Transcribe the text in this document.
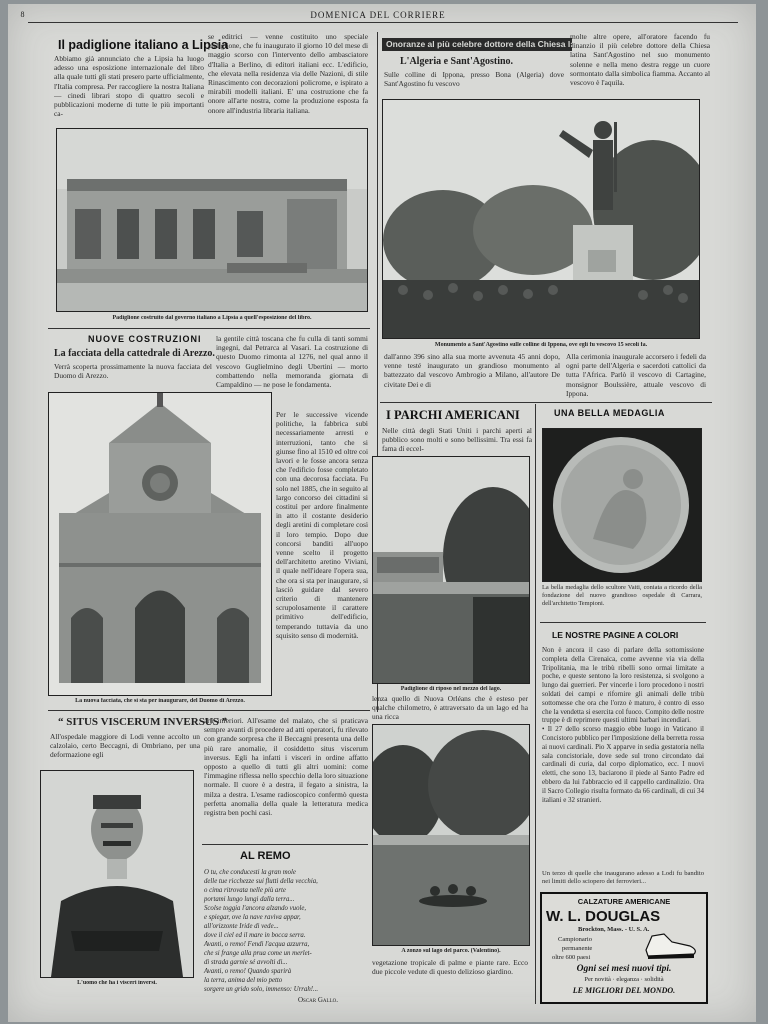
8	DOMENICA DEL CORRIERE
Il padiglione italiano a Lipsia
Abbiamo già annunciato che a Lipsia ha luogo adesso una esposizione internazionale del libro alla quale tutti gli stati presero parte ufficialmente, l'Italia compresa. Per raccogliere la nostra Italiana — cinedi librari stopo di quattro secoli e pubblicazioni moderne di tutte le più importanti ca-
se editrici — venne costituito uno speciale padiglione, che fu inaugurato il giorno 10 del mese di maggio scorso con l'intervento dello ambasciatore d'Italia a Berlino, di editori italiani ecc. L'edificio, che elevata nella residenza via delle Nazioni, di stile Rinascimento con decorazioni policrome, e ispirato a mirabili modelli italiani. E' una costruzione che fa onore all'arte nostra, come la produzione esposta fa onore all'industria libraria italiana.
Padiglione costruito dal governo italiano a Lipsia a quell'esposizione del libro.
Onoranze al più celebre dottore della Chiesa latina
L'Algeria e Sant'Agostino.
Sulle colline di Ippona, presso Bona (Algeria) dove Sant'Agostino fu vescovo
molte altre opere, all'oratore facendo fu dinanzio il più celebre dottore della Chiesa latina Sant'Agostino nel suo monumento solenne e nella meno destra regge un cuore sormontato dalla simbolica fiamma. Accanto al vescovo è l'aquila.
Monumento a Sant'Agostino sulle colline di Ippona, ove egli fu vescovo 15 secoli fa.
dall'anno 396 sino alla sua morte avvenuta 45 anni dopo, venne testé inaugurato un grandioso monumento al battezzato dal vescovo Ambrogio a Milano, all'autore De civitate Dei e di
Alla cerimonia inaugurale accorsero i fedeli da ogni parte dell'Algeria e sacerdoti cattolici da tutta l'Africa. Parlò il vescovo di Cartagine, monsignor Boulssière, attuale vescovo di Ippona.
NUOVE COSTRUZIONI
La facciata della cattedrale di Arezzo.
Verrà scoperta prossimamente la nuova facciata del Duomo di Arezzo.
la gentile città toscana che fu culla di tanti sommi ingegni, dal Petrarca al Vasari. La costruzione di questo Duomo rimonta al 1276, nel qual anno il vescovo Guglielmino degli Ubertini — morto combattendo nella memoranda giornata di Campaldino — ne pose le fondamenta.
La nuova facciata, che si sta per inaugurare, del Duomo di Arezzo.
Per le successive vicende politiche, la fabbrica subì necessariamente arresti e interruzioni, tanto che si giunse fino al 1510 ed oltre coi lavori e le fosse ancora senza che l'edificio fosse completato con una decorosa facciata. Fu solo nel 1885, che in seguito al largo concorso dei cittadini si costituì per ardore finalmente in atto il costante desiderio degli aretini di completare così il loro tempio. Dopo due concorsi banditi all'uopo venne scelto il progetto dell'architetto aretino Viviani, il quale nell'ideare l'opera sua, che ora si sta per inaugurare, si lasciò guidare dal severo criterio di mantenere scrupolosamente il carattere primitivo dell'edificio, temperando tuttavia da uno squisito senso di modernità.
I PARCHI AMERICANI
Nelle città degli Stati Uniti i parchi aperti al pubblico sono molti e sono bellissimi. Tra essi fa fama di eccel-
Padiglione di riposo nel mezzo del lago.
lenza quello di Nuova Orléans che è esteso per qualche chilometro, è attraversato da un lago ed ha una ricca
A zonzo sul lago del parco. (Valentino).
vegetazione tropicale di palme e piante rare. Ecco due piccole vedute di questo delizioso giardino.
UNA BELLA MEDAGLIA
La bella medaglia dello scultore Vaiti, coniata a ricordo della fondazione del nuovo grandioso ospedale di Carrara, dell'architetto Tempioni.
LE NOSTRE PAGINE A COLORI
Non è ancora il caso di parlare della sottomissione completa della Cirenaica, come avvenne via via della Tripolitania, ma le tribù ribelli sono ormai limitate a poche, e queste sentono la loro resistenza, si svolgono a lungo dai guerrieri. Per vincerle i loro procedono i nostri soldati dei campi e rifornire gli animali delle tribù sottomesse che ora che l'orzo è maturo, è contro di esso che la vendetta si esercita col fuoco. Compito delle nostre truppe è di reprimere questi ultimi barbari incendiari.
• Il 27 dello scorso maggio ebbe luogo in Vaticano il Concistoro pubblico per l'imposizione della berretta rossa ai nuovi cardinali. Pio X apparve in sedia gestatoria nella sala concistoriale, dove sede sul trono circondato dai cardinali di curia, dal corpo diplomatico, ecc. I nuovi eletti, che sono 13, baciarono il piede al Santo Padre ed ebbero da lui l'abbraccio ed il cappello cardinalizio. Ora il Sacro Collegio risulta formato da 66 cardinali, di cui 34 italiani e 32 stranieri.
Un terzo di quelle che inaugurano adesso a Lodi fu bandito nei limiti dello sciopero dei ferrovieri...
CALZATURE AMERICANE
W. L. DOUGLAS
Brockton, Mass. - U. S. A.
Campionario
permanente
oltre 600 paesi
Ogni sei mesi nuovi tipi.
Per novità · eleganza · solidità
LE MIGLIORI DEL MONDO.
“ SITUS VISCERUM INVERSUS ”
All'ospedale maggiore di Lodi venne accolto un calzolaio, certo Beccagni, di Ombriano, per una deformazione egli
arti inferiori. All'esame del malato, che si praticava sempre avanti di procedere ad atti operatori, fu rilevato con grande sorpresa che il Beccagni presenta una delle più rare anomalie, il cosiddetto situs viscerum inversus. Egli ha infatti i visceri in ordine affatto opposto a quello di tutti gli altri uomini: come l'immagine riflessa nello specchio della loro situazione normale. Il cuore è a destra, il fegato a sinistra, la milza a destra. L'esame radioscopico confermò questa perfetta anomalia della quale la letteratura medica registra ben pochi casi.
L'uomo che ha i visceri inversi.
AL REMO
O tu, che conducesti la gran mole
delle tue ricchezze sui flutti della vecchia,
o cima ritrovata nelle più arte
portami lungo lungi dalla terra...
Scolse toggia l'ancora alzando vuole,
e spiegar, ove la nave raviva appar,
all'orizzonte Iride di vede...
dove il ciel ed il mare in bocca serra.
Avanti, o remo! Fendi l'acqua azzurra,
che si frange alla prua come un merlet-
di strada garnie sé avvolti di...
Avanti, o remo! Quando sparirà
la terra, anima del mio petto
sorgere un grido solo, immenso: Urrah!...
Oscar Gallo.
